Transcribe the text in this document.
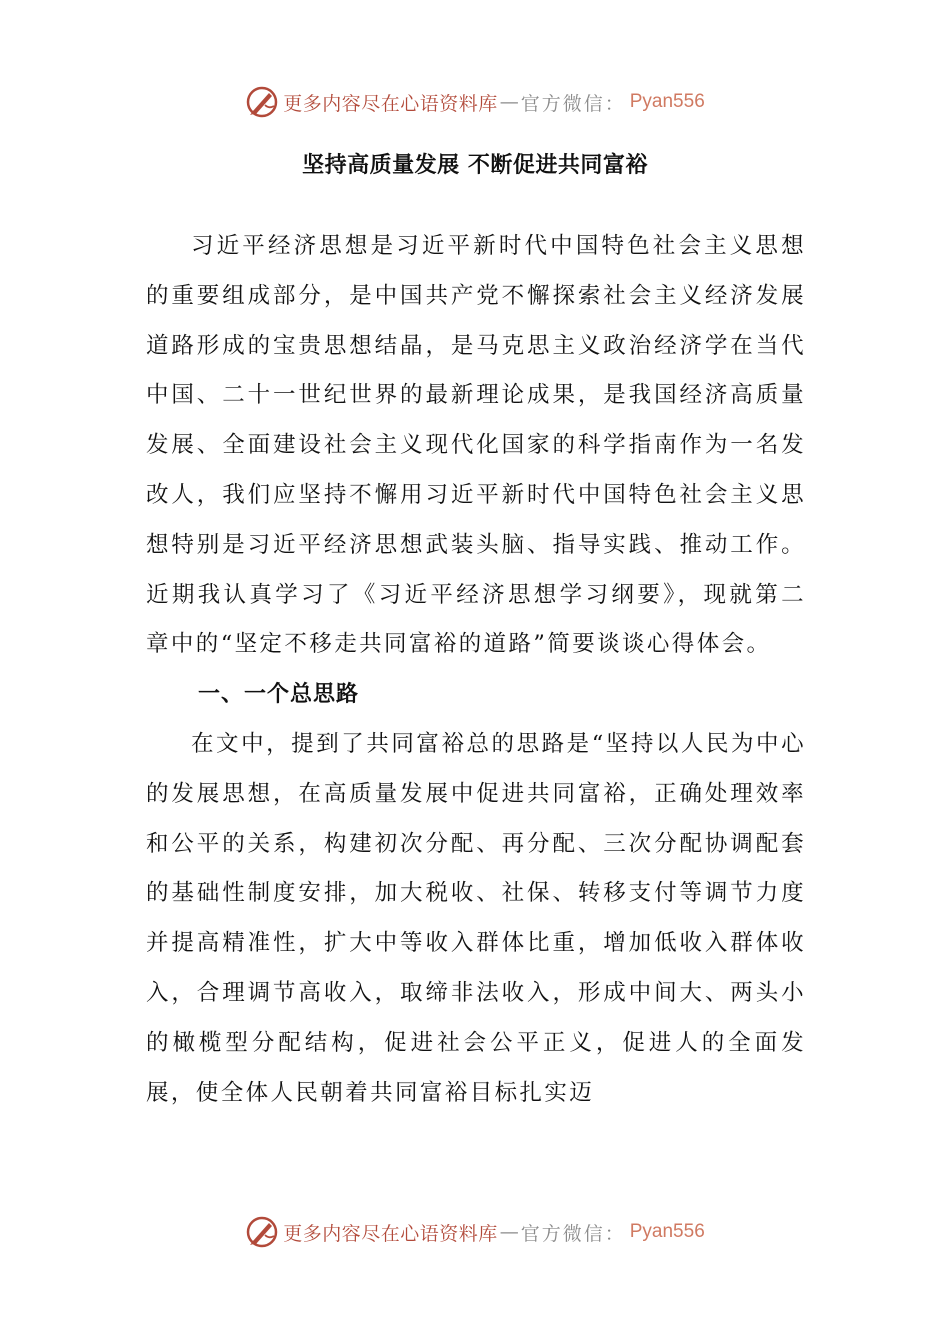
更多内容尽在心语资料库 — 官方微信： Pyan556
坚持高质量发展 不断促进共同富裕

习近平经济思想是习近平新时代中国特色社会主义思想的重要组成部分，是中国共产党不懈探索社会主义经济发展道路形成的宝贵思想结晶，是马克思主义政治经济学在当代中国、二十一世纪世界的最新理论成果，是我国经济高质量发展、全面建设社会主义现代化国家的科学指南作为一名发改人，我们应坚持不懈用习近平新时代中国特色社会主义思想特别是习近平经济思想武装头脑、指导实践、推动工作。近期我认真学习了《习近平经济思想学习纲要》，现就第二章中的“坚定不移走共同富裕的道路”简要谈谈心得体会。

一、一个总思路

在文中，提到了共同富裕总的思路是“坚持以人民为中心的发展思想，在高质量发展中促进共同富裕，正确处理效率和公平的关系，构建初次分配、再分配、三次分配协调配套的基础性制度安排，加大税收、社保、转移支付等调节力度并提高精准性，扩大中等收入群体比重，增加低收入群体收入，合理调节高收入，取缔非法收入，形成中间大、两头小的橄榄型分配结构，促进社会公平正义，促进人的全面发展，使全体人民朝着共同富裕目标扎实迈

更多内容尽在心语资料库 — 官方微信： Pyan556
